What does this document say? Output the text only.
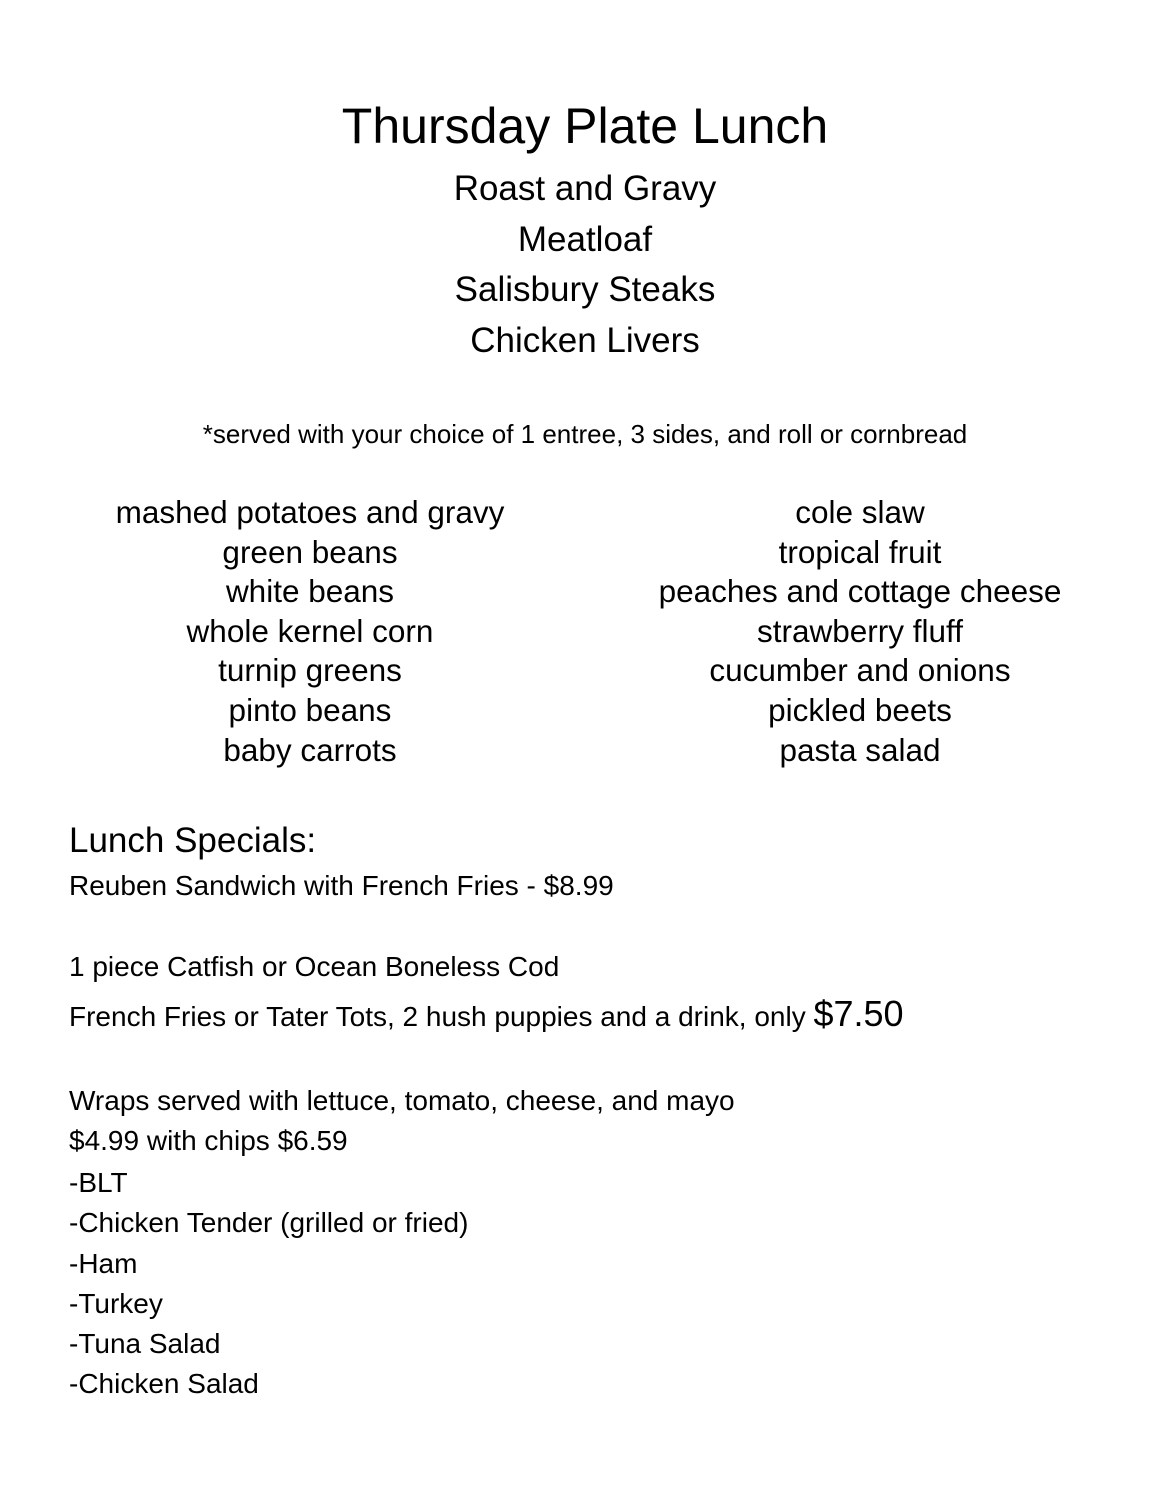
Thursday Plate Lunch
Roast and Gravy
Meatloaf
Salisbury Steaks
Chicken Livers
*served with your choice of 1 entree, 3 sides, and roll or cornbread
mashed potatoes and gravy
green beans
white beans
whole kernel corn
turnip greens
pinto beans
baby carrots
cole slaw
tropical fruit
peaches and cottage cheese
strawberry fluff
cucumber and onions
pickled beets
pasta salad
Lunch Specials:
Reuben Sandwich with French Fries - $8.99
1 piece Catfish or Ocean Boneless Cod
French Fries or Tater Tots, 2 hush puppies and a drink, only $7.50
Wraps served with lettuce, tomato, cheese, and mayo
$4.99 with chips $6.59
-BLT
-Chicken Tender (grilled or fried)
-Ham
-Turkey
-Tuna Salad
-Chicken Salad
